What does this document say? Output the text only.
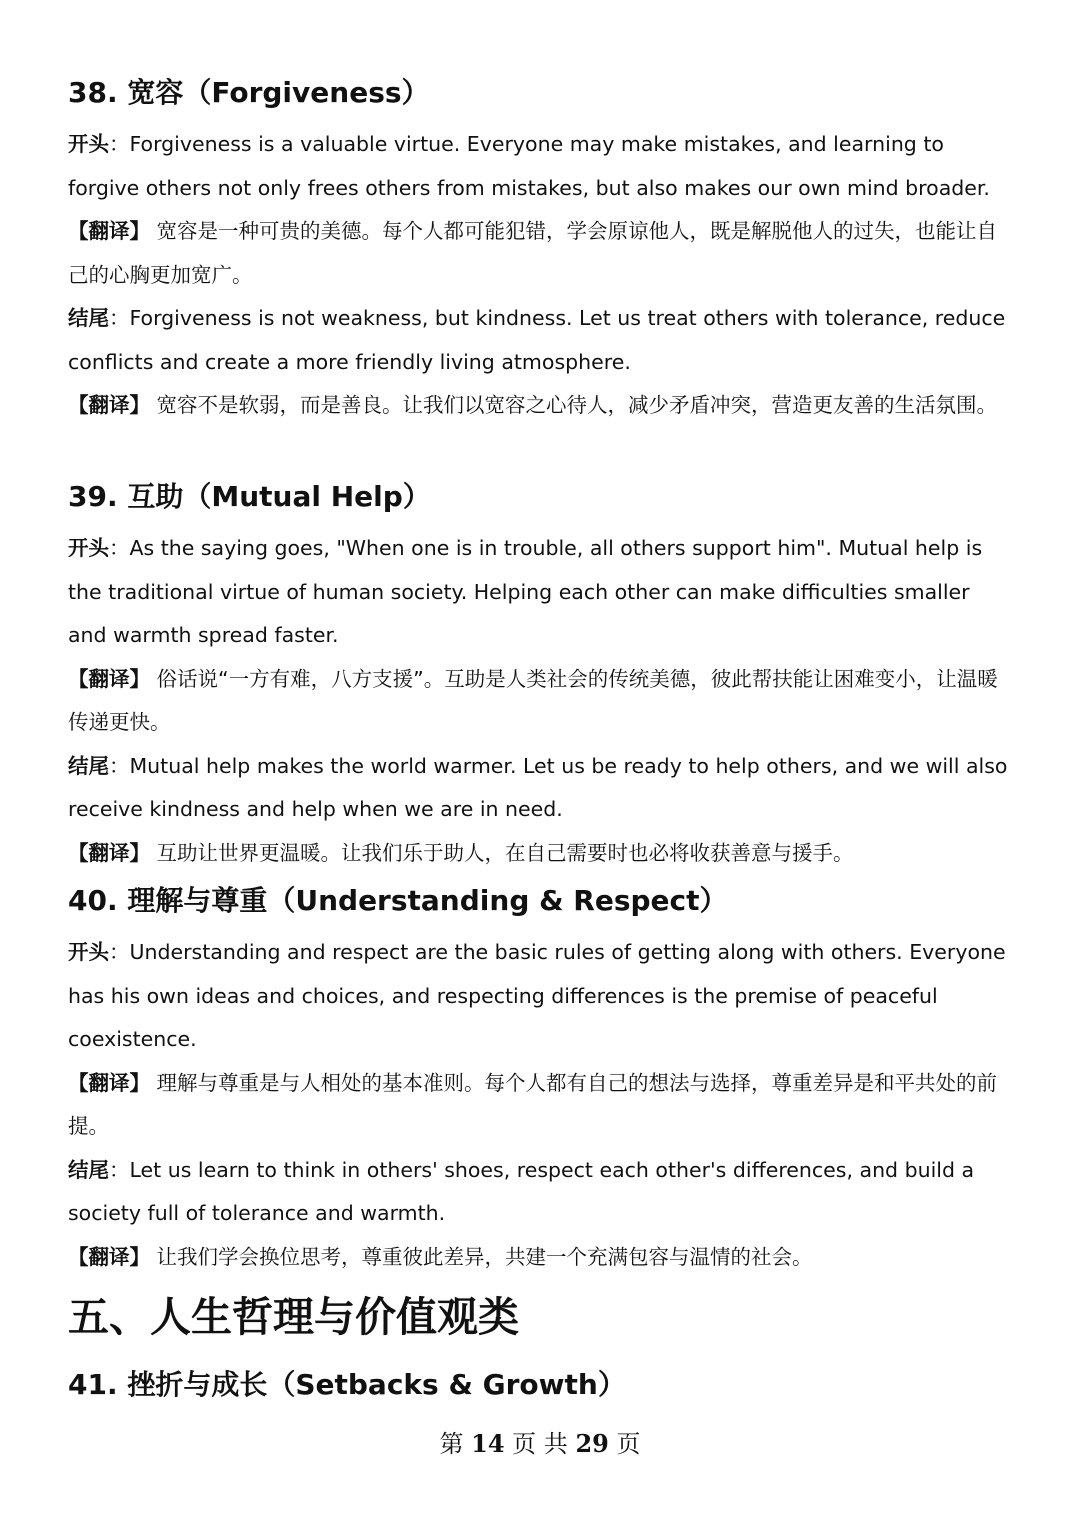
38. 宽容（Forgiveness）

开头：Forgiveness is a valuable virtue. Everyone may make mistakes, and learning to forgive others not only frees others from mistakes, but also makes our own mind broader.

【翻译】 宽容是一种可贵的美德。每个人都可能犯错，学会原谅他人，既是解脱他人的过失，也能让自己的心胸更加宽广。

结尾：Forgiveness is not weakness, but kindness. Let us treat others with tolerance, reduce conflicts and create a more friendly living atmosphere.

【翻译】 宽容不是软弱，而是善良。让我们以宽容之心待人，减少矛盾冲突，营造更友善的生活氛围。

39. 互助（Mutual Help）

开头：As the saying goes, "When one is in trouble, all others support him". Mutual help is the traditional virtue of human society. Helping each other can make difficulties smaller and warmth spread faster.

【翻译】 俗话说“一方有难，八方支援”。互助是人类社会的传统美德，彼此帮扶能让困难变小，让温暖传递更快。

结尾：Mutual help makes the world warmer. Let us be ready to help others, and we will also receive kindness and help when we are in need.

【翻译】 互助让世界更温暖。让我们乐于助人，在自己需要时也必将收获善意与援手。

40. 理解与尊重（Understanding & Respect）

开头：Understanding and respect are the basic rules of getting along with others. Everyone has his own ideas and choices, and respecting differences is the premise of peaceful coexistence.

【翻译】 理解与尊重是与人相处的基本准则。每个人都有自己的想法与选择，尊重差异是和平共处的前提。

结尾：Let us learn to think in others' shoes, respect each other's differences, and build a society full of tolerance and warmth.

【翻译】 让我们学会换位思考，尊重彼此差异，共建一个充满包容与温情的社会。

五、人生哲理与价值观类
41. 挫折与成长（Setbacks & Growth）
第 14 页 共 29 页
